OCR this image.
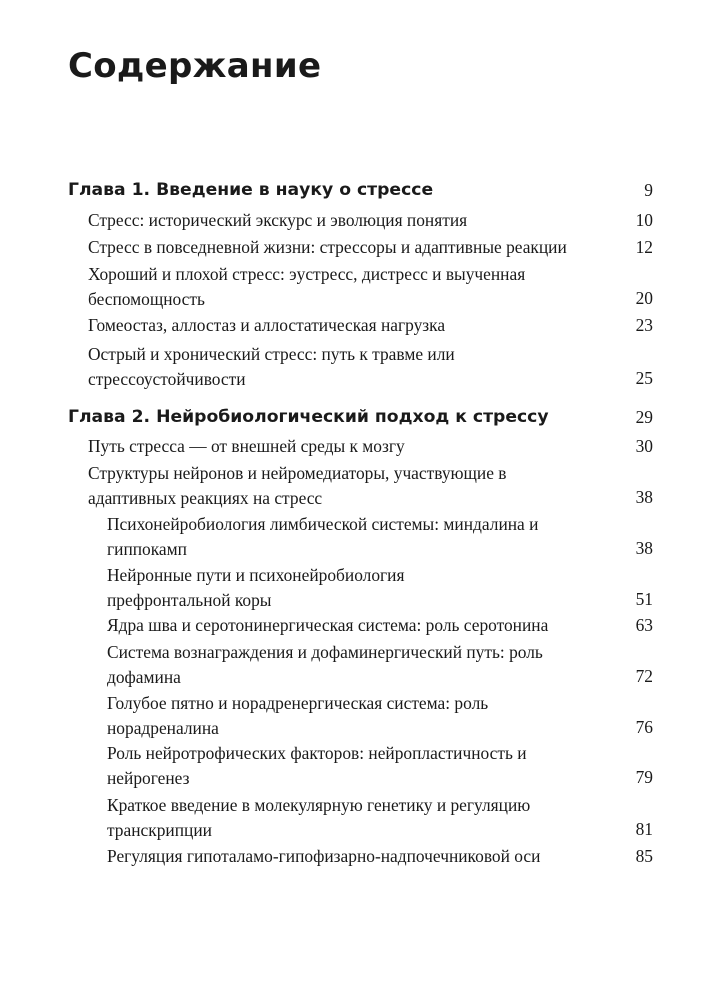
Содержание
Глава 1. Введение в науку о стрессе	9
Стресс: исторический экскурс и эволюция понятия	10
Стресс в повседневной жизни: стрессоры и адаптивные реакции	12
Хороший и плохой стресс: эустресс, дистресс и выученная беспомощность	20
Гомеостаз, аллостаз и аллостатическая нагрузка	23
Острый и хронический стресс: путь к травме или стрессоустойчивости	25
Глава 2. Нейробиологический подход к стрессу	29
Путь стресса — от внешней среды к мозгу	30
Структуры нейронов и нейромедиаторы, участвующие в адаптивных реакциях на стресс	38
Психонейробиология лимбической системы: миндалина и гиппокамп	38
Нейронные пути и психонейробиология префронтальной коры	51
Ядра шва и серотонинергическая система: роль серотонина	63
Система вознаграждения и дофаминергический путь: роль дофамина	72
Голубое пятно и норадренергическая система: роль норадреналина	76
Роль нейротрофических факторов: нейропластичность и нейрогенез	79
Краткое введение в молекулярную генетику и регуляцию транскрипции	81
Регуляция гипоталамо-гипофизарно-надпочечниковой оси	85
